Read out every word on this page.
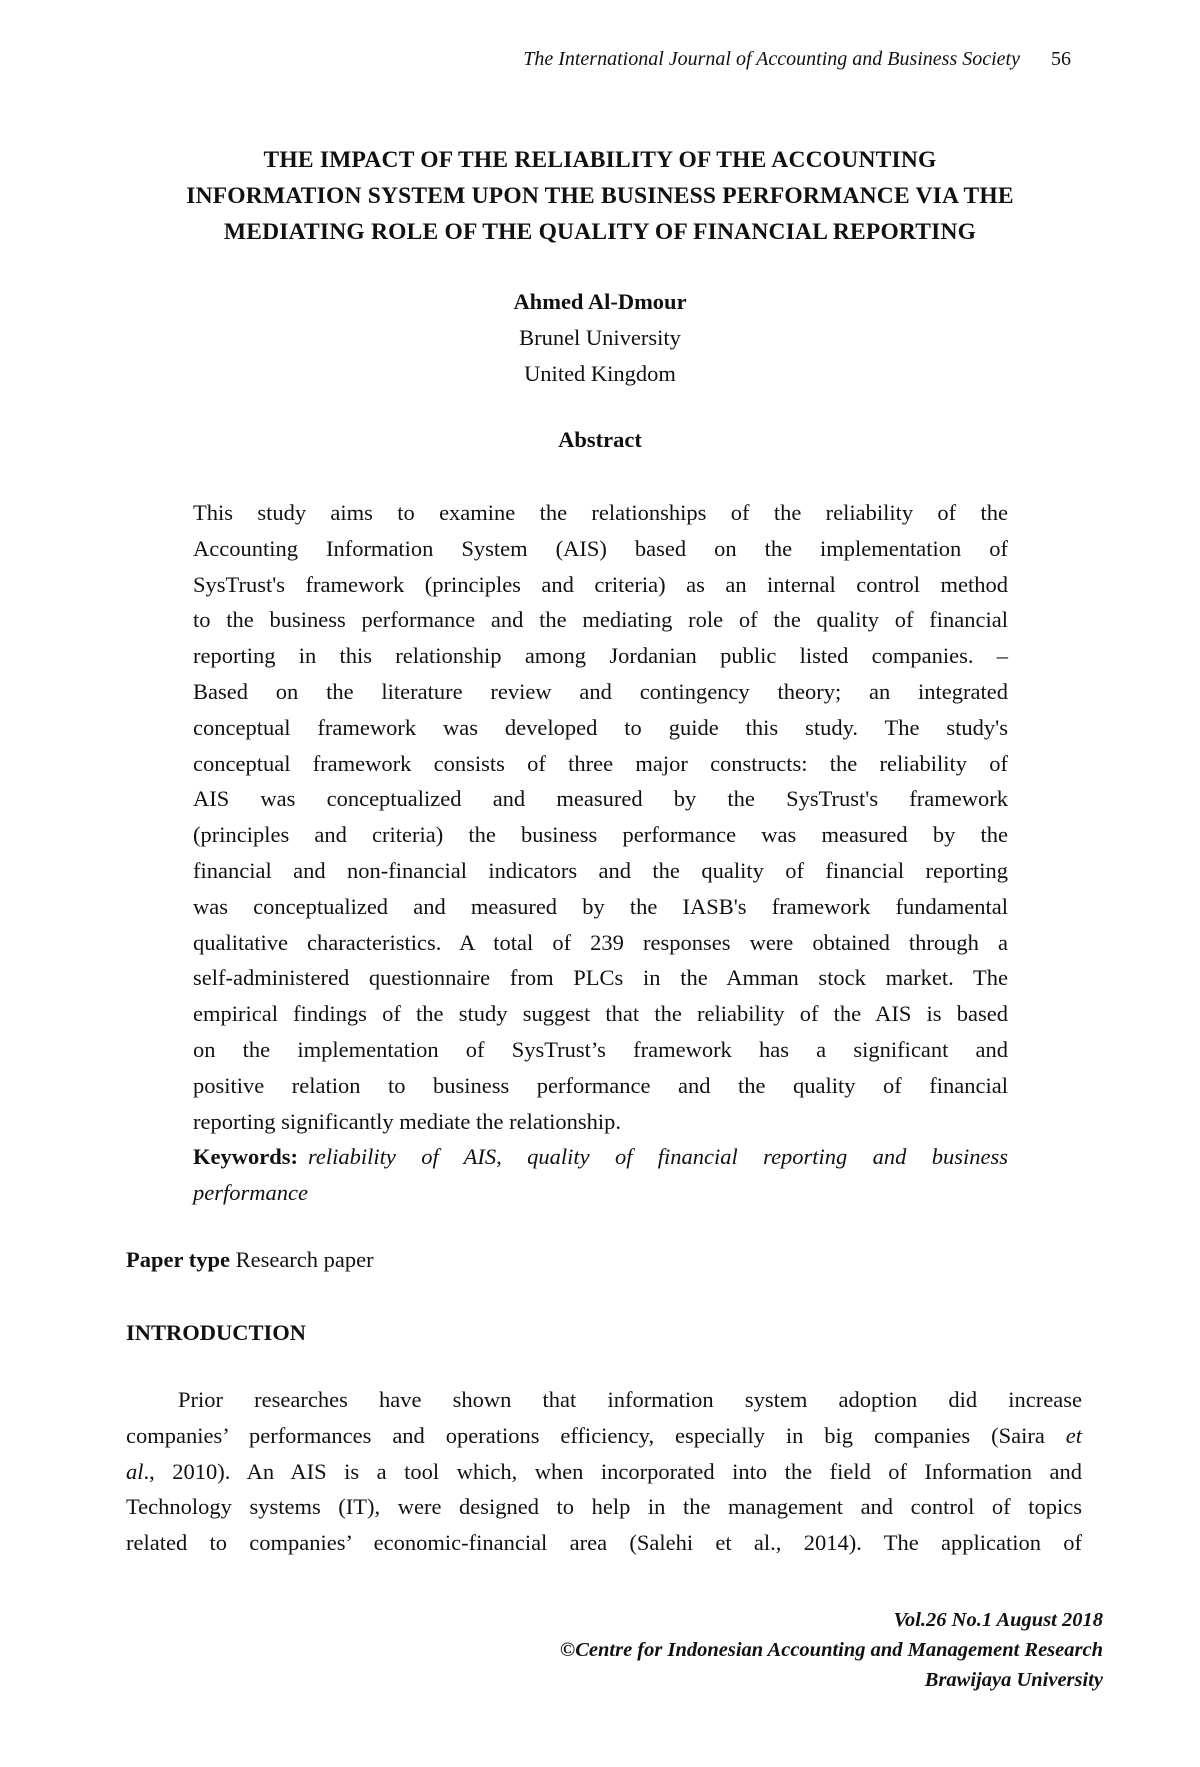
The International Journal of Accounting and Business Society 56
THE IMPACT OF THE RELIABILITY OF THE ACCOUNTING
INFORMATION SYSTEM UPON THE BUSINESS PERFORMANCE VIA THE
MEDIATING ROLE OF THE QUALITY OF FINANCIAL REPORTING
Ahmed Al-Dmour
Brunel University
United Kingdom
Abstract
This study aims to examine the relationships of the reliability of the
Accounting Information System (AIS) based on the implementation of
SysTrust's framework (principles and criteria) as an internal control method
to the business performance and the mediating role of the quality of financial
reporting in this relationship among Jordanian public listed companies. –
Based on the literature review and contingency theory; an integrated
conceptual framework was developed to guide this study. The study's
conceptual framework consists of three major constructs: the reliability of
AIS was conceptualized and measured by the SysTrust's framework
(principles and criteria) the business performance was measured by the
financial and non-financial indicators and the quality of financial reporting
was conceptualized and measured by the IASB's framework fundamental
qualitative characteristics. A total of 239 responses were obtained through a
self-administered questionnaire from PLCs in the Amman stock market. The
empirical findings of the study suggest that the reliability of the AIS is based
on the implementation of SysTrust’s framework has a significant and
positive relation to business performance and the quality of financial
reporting significantly mediate the relationship.
Keywords: reliability of AIS, quality of financial reporting and business
performance
Paper type Research paper
INTRODUCTION
Prior researches have shown that information system adoption did increase
companies’ performances and operations efficiency, especially in big companies (Saira et
al., 2010). An AIS is a tool which, when incorporated into the field of Information and
Technology systems (IT), were designed to help in the management and control of topics
related to companies’ economic-financial area (Salehi et al., 2014). The application of
Vol.26 No.1 August 2018
©Centre for Indonesian Accounting and Management Research
Brawijaya University
